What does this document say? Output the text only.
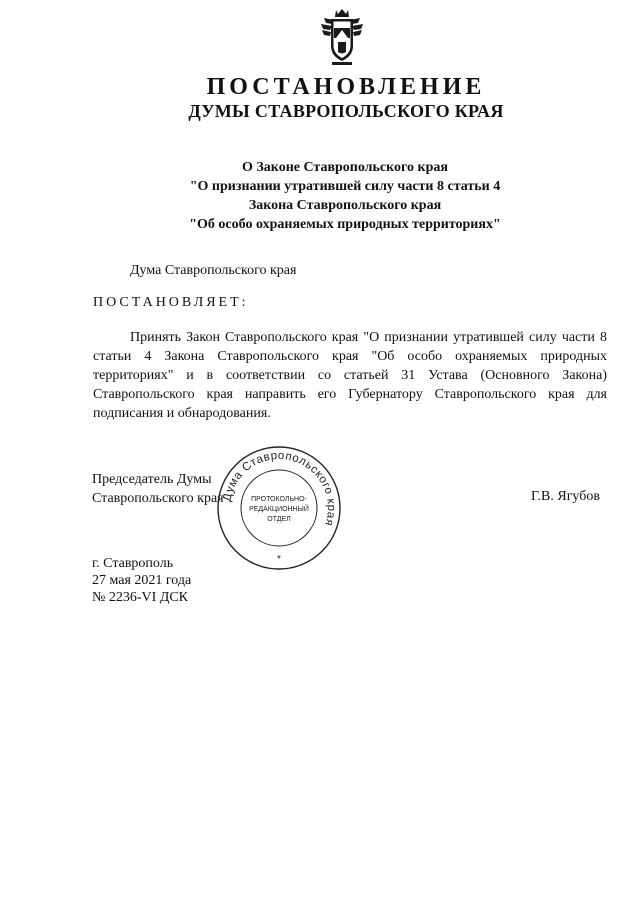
ПОСТАНОВЛЕНИЕ
ДУМЫ СТАВРОПОЛЬСКОГО КРАЯ
О Законе Ставропольского края
"О признании утратившей силу части 8 статьи 4
Закона Ставропольского края
"Об особо охраняемых природных территориях"
Дума Ставропольского края
ПОСТАНОВЛЯЕТ:
Принять Закон Ставропольского края "О признании утратившей силу части 8 статьи 4 Закона Ставропольского края "Об особо охраняемых природных территориях" и в соответствии со статьей 31 Устава (Основного Закона) Ставропольского края направить его Губернатору Ставропольского края для подписания и обнародования.
Председатель Думы
Ставропольского края	Г.В. Ягубов
Дума Ставропольского края
ПРОТОКОЛЬНО-
РЕДАКЦИОННЫЙ
ОТДЕЛ
*
г. Ставрополь
27 мая 2021 года
№ 2236-VI ДСК
